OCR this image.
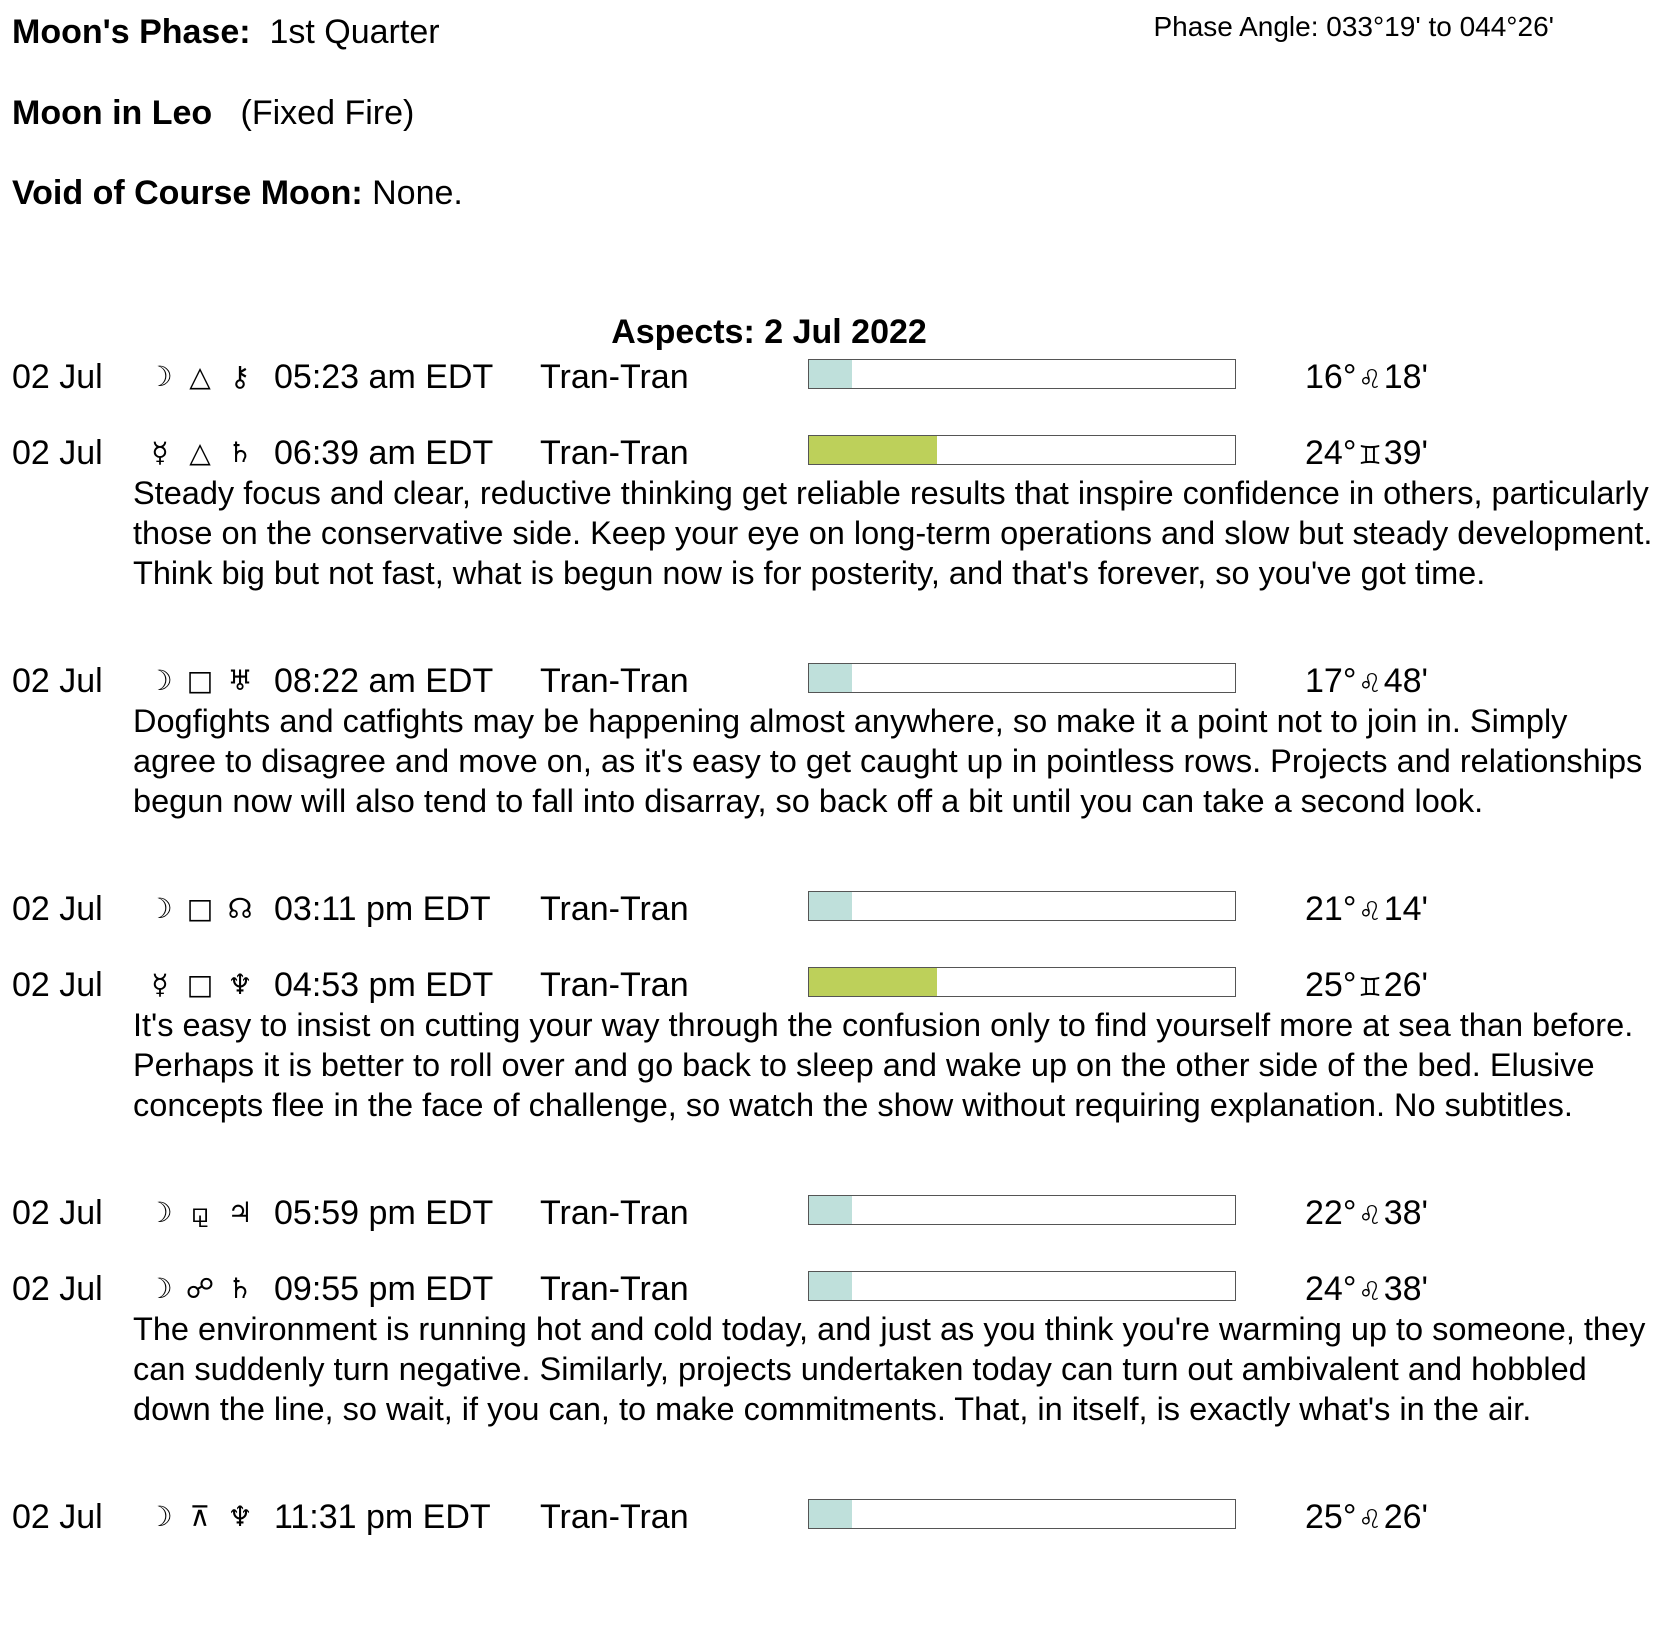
Moon's Phase: 1st Quarter	Phase Angle: 033°19' to 044°26'
Moon in Leo (Fixed Fire)
Void of Course Moon: None.
Aspects: 2 Jul 2022
02 Jul ☽ △ ⚷ 05:23 am EDT Tran-Tran	16°♌18'
02 Jul	☿ △ ♄ 06:39 am EDT Tran-Tran	24°♊39'
Steady focus and clear, reductive thinking get reliable results that inspire confidence in others, particularly those on the conservative side. Keep your eye on long-term operations and slow but steady development. Think big but not fast, what is begun now is for posterity, and that's forever, so you've got time.
02 Jul ☽ □ ♅ 08:22 am EDT Tran-Tran	17°♌48'
Dogfights and catfights may be happening almost anywhere, so make it a point not to join in. Simply agree to disagree and move on, as it's easy to get caught up in pointless rows. Projects and relationships begun now will also tend to fall into disarray, so back off a bit until you can take a second look.
02 Jul ☽ □ ☊ 03:11 pm EDT Tran-Tran	21°♌14'
02 Jul	☿ □ ♆ 04:53 pm EDT Tran-Tran	25°♊26'
It's easy to insist on cutting your way through the confusion only to find yourself more at sea than before. Perhaps it is better to roll over and go back to sleep and wake up on the other side of the bed. Elusive concepts flee in the face of challenge, so watch the show without requiring explanation. No subtitles.
02 Jul ☽ ⚼ ♃ 05:59 pm EDT Tran-Tran	22°♌38'
02 Jul ☽ ☍ ♄ 09:55 pm EDT Tran-Tran	24°♌38'
The environment is running hot and cold today, and just as you think you're warming up to someone, they can suddenly turn negative. Similarly, projects undertaken today can turn out ambivalent and hobbled down the line, so wait, if you can, to make commitments. That, in itself, is exactly what's in the air.
02 Jul ☽ ⊼ ♆ 11:31 pm EDT Tran-Tran	25°♌26'
